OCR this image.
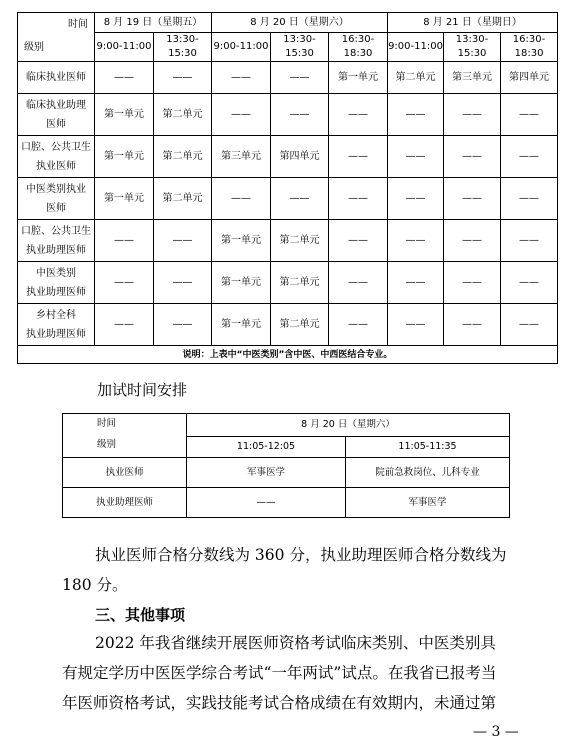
时间
级别	8 月 19 日（星期五）		8 月 20 日（星期六）			8 月 21 日（星期日）		
	9:00-11:00	13:30-15:30	9:00-11:00	13:30-15:30	16:30-18:30	9:00-11:00	13:30-15:30	16:30-18:30

临床执业医师	——	——	——	——	第一单元	第二单元	第三单元	第四单元

临床执业助理
医师	第一单元	第二单元	——	——	——	——	——	——

口腔、公共卫生
执业医师	第一单元	第二单元	第三单元	第四单元	——	——	——	——

中医类别执业
医师	第一单元	第二单元	——	——	——	——	——	——

口腔、公共卫生
执业助理医师	——	——	第一单元	第二单元	——	——	——	——

中医类别
执业助理医师	——	——	第一单元	第二单元	——	——	——	——

乡村全科
执业助理医师	——	——	第一单元	第二单元	——	——	——	——
说明：上表中“中医类别”含中医、中西医结合专业。								
加试时间安排
时间
级别	8 月 20 日（星期六）	
	11:05-12:05	11:05-11:35
执业医师	军事医学	院前急救岗位、儿科专业
执业助理医师	——	军事医学
执业医师合格分数线为 360 分，执业助理医师合格分数线为
180 分。
三、其他事项
2022 年我省继续开展医师资格考试临床类别、中医类别具
有规定学历中医医学综合考试“一年两试”试点。在我省已报考当
年医师资格考试，实践技能考试合格成绩在有效期内，未通过第
— 3 —
